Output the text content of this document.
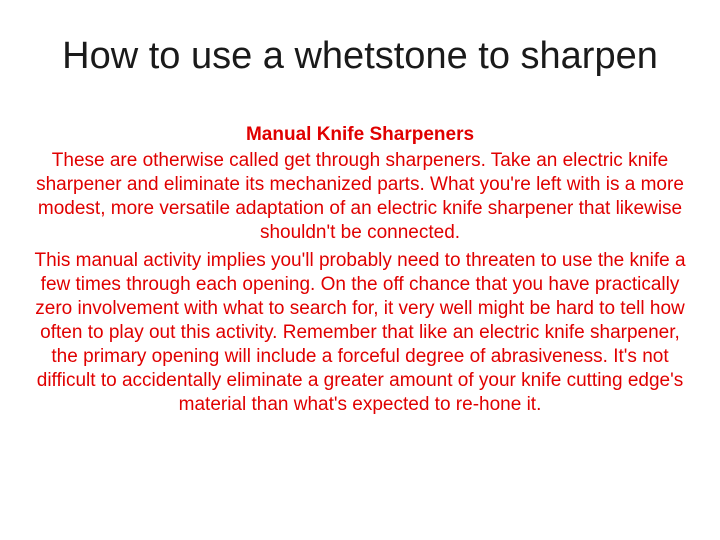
How to use a whetstone to sharpen

Manual Knife Sharpeners

These are otherwise called get through sharpeners. Take an electric knife sharpener and eliminate its mechanized parts. What you're left with is a more modest, more versatile adaptation of an electric knife sharpener that likewise shouldn't be connected.

This manual activity implies you'll probably need to threaten to use the knife a few times through each opening. On the off chance that you have practically zero involvement with what to search for, it very well might be hard to tell how often to play out this activity. Remember that like an electric knife sharpener, the primary opening will include a forceful degree of abrasiveness. It's not difficult to accidentally eliminate a greater amount of your knife cutting edge's material than what's expected to re-hone it.
